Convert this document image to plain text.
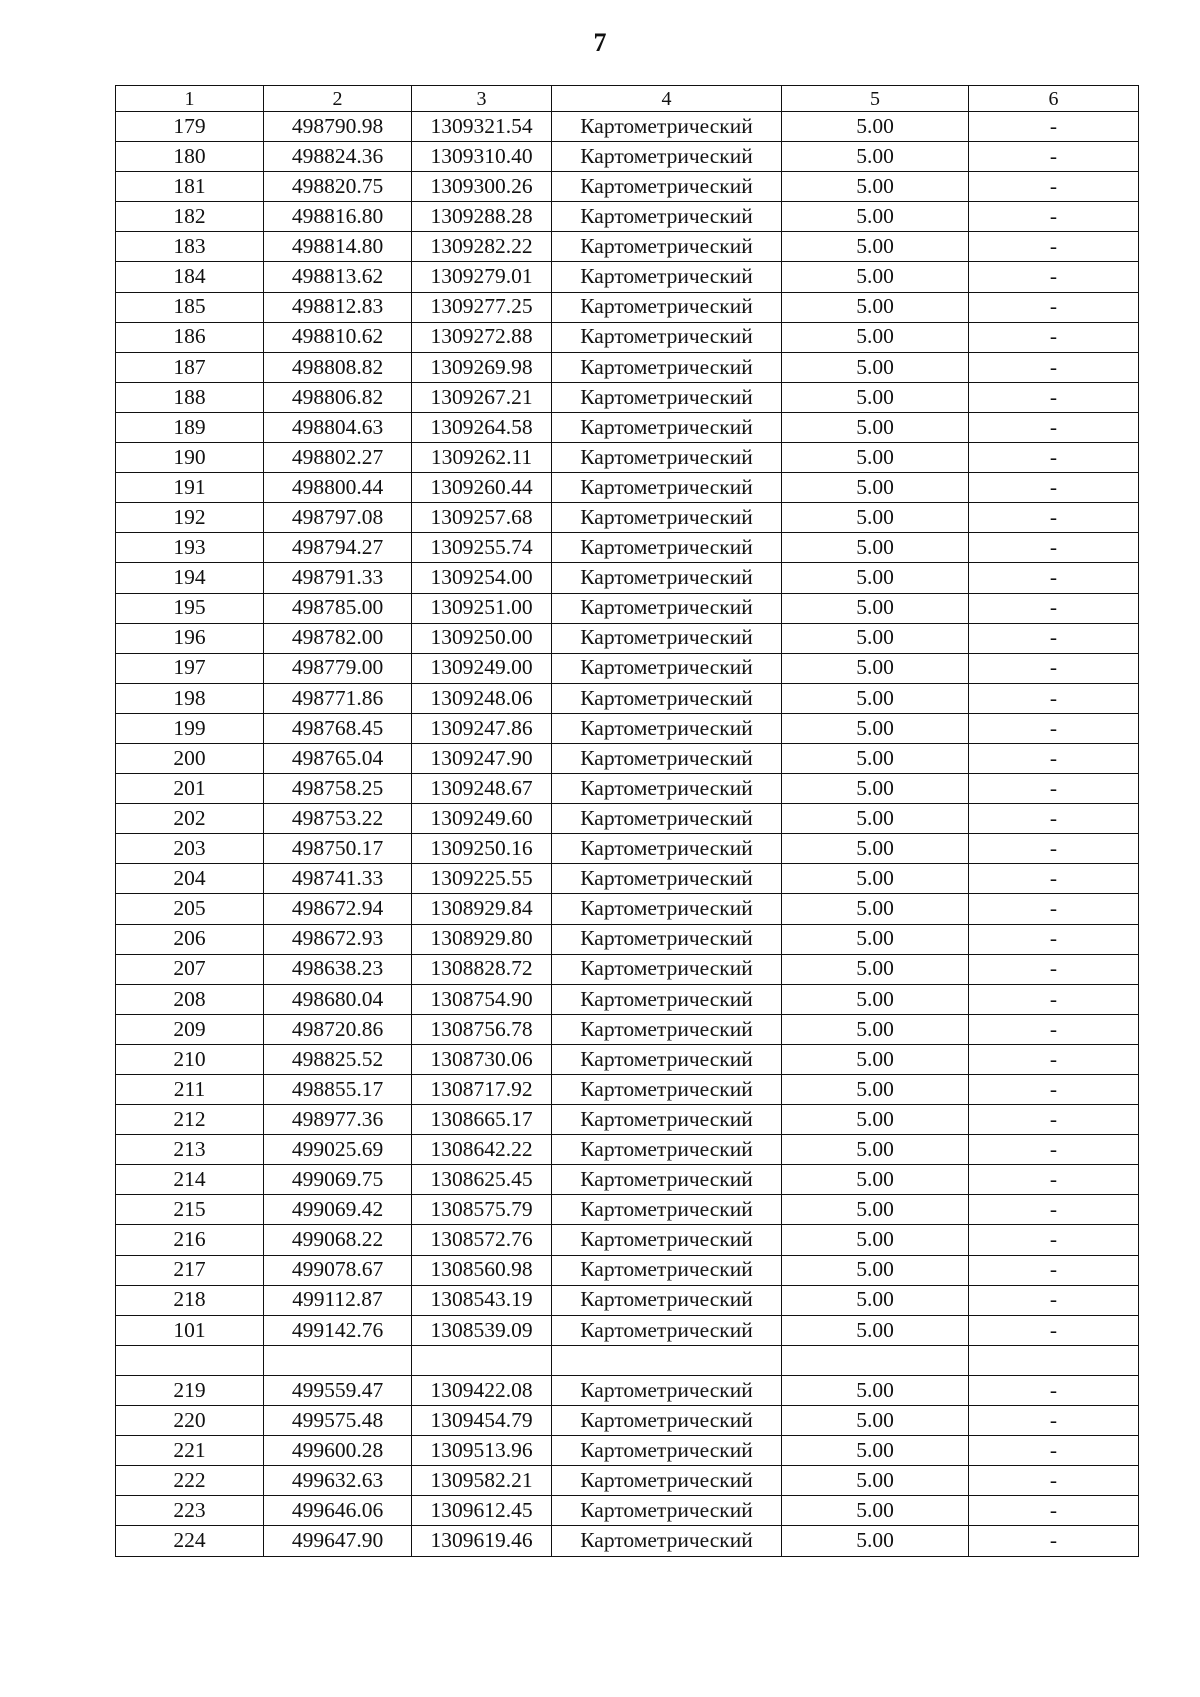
7
1	2	3	4	5	6
179	498790.98	1309321.54	Картометрический	5.00	-
180	498824.36	1309310.40	Картометрический	5.00	-
181	498820.75	1309300.26	Картометрический	5.00	-
182	498816.80	1309288.28	Картометрический	5.00	-
183	498814.80	1309282.22	Картометрический	5.00	-
184	498813.62	1309279.01	Картометрический	5.00	-
185	498812.83	1309277.25	Картометрический	5.00	-
186	498810.62	1309272.88	Картометрический	5.00	-
187	498808.82	1309269.98	Картометрический	5.00	-
188	498806.82	1309267.21	Картометрический	5.00	-
189	498804.63	1309264.58	Картометрический	5.00	-
190	498802.27	1309262.11	Картометрический	5.00	-
191	498800.44	1309260.44	Картометрический	5.00	-
192	498797.08	1309257.68	Картометрический	5.00	-
193	498794.27	1309255.74	Картометрический	5.00	-
194	498791.33	1309254.00	Картометрический	5.00	-
195	498785.00	1309251.00	Картометрический	5.00	-
196	498782.00	1309250.00	Картометрический	5.00	-
197	498779.00	1309249.00	Картометрический	5.00	-
198	498771.86	1309248.06	Картометрический	5.00	-
199	498768.45	1309247.86	Картометрический	5.00	-
200	498765.04	1309247.90	Картометрический	5.00	-
201	498758.25	1309248.67	Картометрический	5.00	-
202	498753.22	1309249.60	Картометрический	5.00	-
203	498750.17	1309250.16	Картометрический	5.00	-
204	498741.33	1309225.55	Картометрический	5.00	-
205	498672.94	1308929.84	Картометрический	5.00	-
206	498672.93	1308929.80	Картометрический	5.00	-
207	498638.23	1308828.72	Картометрический	5.00	-
208	498680.04	1308754.90	Картометрический	5.00	-
209	498720.86	1308756.78	Картометрический	5.00	-
210	498825.52	1308730.06	Картометрический	5.00	-
211	498855.17	1308717.92	Картометрический	5.00	-
212	498977.36	1308665.17	Картометрический	5.00	-
213	499025.69	1308642.22	Картометрический	5.00	-
214	499069.75	1308625.45	Картометрический	5.00	-
215	499069.42	1308575.79	Картометрический	5.00	-
216	499068.22	1308572.76	Картометрический	5.00	-
217	499078.67	1308560.98	Картометрический	5.00	-
218	499112.87	1308543.19	Картометрический	5.00	-
101	499142.76	1308539.09	Картометрический	5.00	-

219	499559.47	1309422.08	Картометрический	5.00	-
220	499575.48	1309454.79	Картометрический	5.00	-
221	499600.28	1309513.96	Картометрический	5.00	-
222	499632.63	1309582.21	Картометрический	5.00	-
223	499646.06	1309612.45	Картометрический	5.00	-
224	499647.90	1309619.46	Картометрический	5.00	-
